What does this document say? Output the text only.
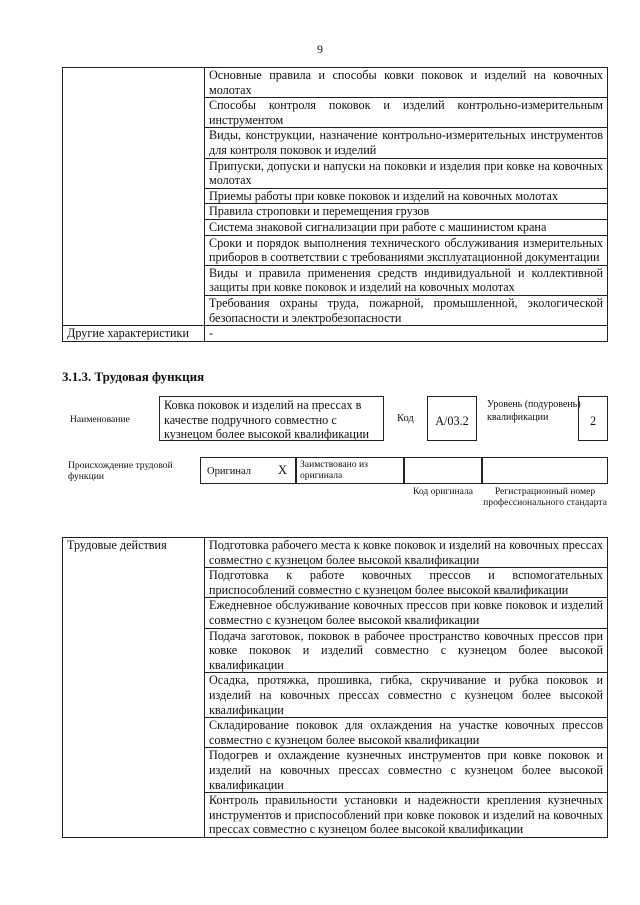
9
	Основные правила и способы ковки поковок и изделий на ковочных молотах
	Способы контроля поковок и изделий контрольно-измерительным инструментом
	Виды, конструкции, назначение контрольно-измерительных инструментов для контроля поковок и изделий
	Припуски, допуски и напуски на поковки и изделия при ковке на ковочных молотах
	Приемы работы при ковке поковок и изделий на ковочных молотах
	Правила строповки и перемещения грузов
	Система знаковой сигнализации при работе с машинистом крана
	Сроки и порядок выполнения технического обслуживания измерительных приборов в соответствии с требованиями эксплуатационной документации
	Виды и правила применения средств индивидуальной и коллективной защиты при ковке поковок и изделий на ковочных молотах
	Требования охраны труда, пожарной, промышленной, экологической безопасности и электробезопасности
Другие характеристики	-
3.1.3. Трудовая функция
Наименование
Ковка поковок и изделий на прессах в качестве подручного совместно с кузнецом более высокой квалификации
Код	А/03.2
Уровень (подуровень) квалификации	2
Происхождение трудовой функции	Оригинал X	Заимствовано из оригинала
Код оригинала	Регистрационный номер профессионального стандарта
Трудовые действия	Подготовка рабочего места к ковке поковок и изделий на ковочных прессах совместно с кузнецом более высокой квалификации
Подготовка к работе ковочных прессов и вспомогательных приспособлений совместно с кузнецом более высокой квалификации
Ежедневное обслуживание ковочных прессов при ковке поковок и изделий совместно с кузнецом более высокой квалификации
Подача заготовок, поковок в рабочее пространство ковочных прессов при ковке поковок и изделий совместно с кузнецом более высокой квалификации
Осадка, протяжка, прошивка, гибка, скручивание и рубка поковок и изделий на ковочных прессах совместно с кузнецом более высокой квалификации
Складирование поковок для охлаждения на участке ковочных прессов совместно с кузнецом более высокой квалификации
Подогрев и охлаждение кузнечных инструментов при ковке поковок и изделий на ковочных прессах совместно с кузнецом более высокой квалификации
Контроль правильности установки и надежности крепления кузнечных инструментов и приспособлений при ковке поковок и изделий на ковочных прессах совместно с кузнецом более высокой квалификации
